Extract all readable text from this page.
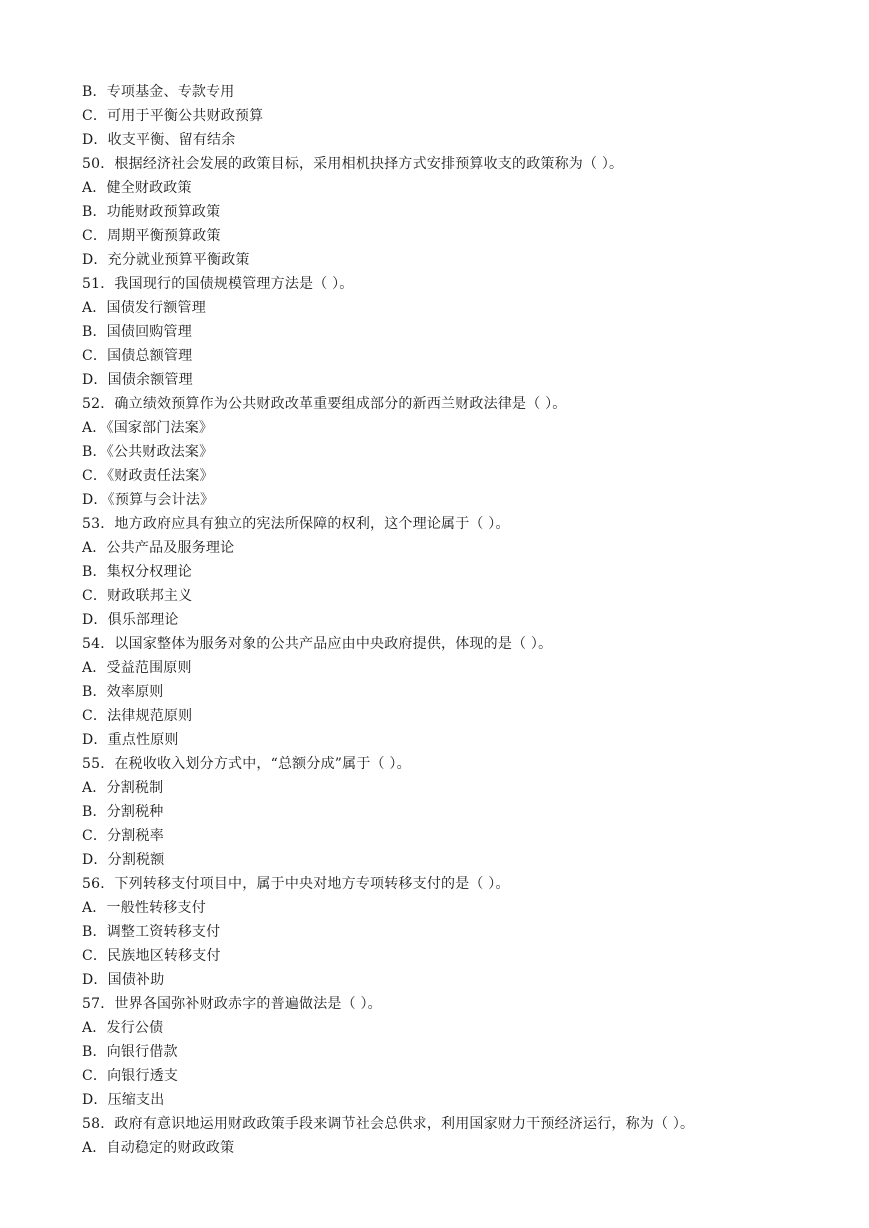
B．专项基金、专款专用
C．可用于平衡公共财政预算
D．收支平衡、留有结余
50．根据经济社会发展的政策目标，采用相机抉择方式安排预算收支的政策称为（ ）。
A．健全财政政策
B．功能财政预算政策
C．周期平衡预算政策
D．充分就业预算平衡政策
51．我国现行的国债规模管理方法是（ ）。
A．国债发行额管理
B．国债回购管理
C．国债总额管理
D．国债余额管理
52．确立绩效预算作为公共财政改革重要组成部分的新西兰财政法律是（ ）。
A．《国家部门法案》
B．《公共财政法案》
C．《财政责任法案》
D．《预算与会计法》
53．地方政府应具有独立的宪法所保障的权利，这个理论属于（ ）。
A．公共产品及服务理论
B．集权分权理论
C．财政联邦主义
D．俱乐部理论
54．以国家整体为服务对象的公共产品应由中央政府提供，体现的是（ ）。
A．受益范围原则
B．效率原则
C．法律规范原则
D．重点性原则
55．在税收收入划分方式中，“总额分成”属于（ ）。
A．分割税制
B．分割税种
C．分割税率
D．分割税额
56．下列转移支付项目中，属于中央对地方专项转移支付的是（ ）。
A．一般性转移支付
B．调整工资转移支付
C．民族地区转移支付
D．国债补助
57．世界各国弥补财政赤字的普遍做法是（ ）。
A．发行公债
B．向银行借款
C．向银行透支
D．压缩支出
58．政府有意识地运用财政政策手段来调节社会总供求，利用国家财力干预经济运行，称为（ ）。
A．自动稳定的财政政策
